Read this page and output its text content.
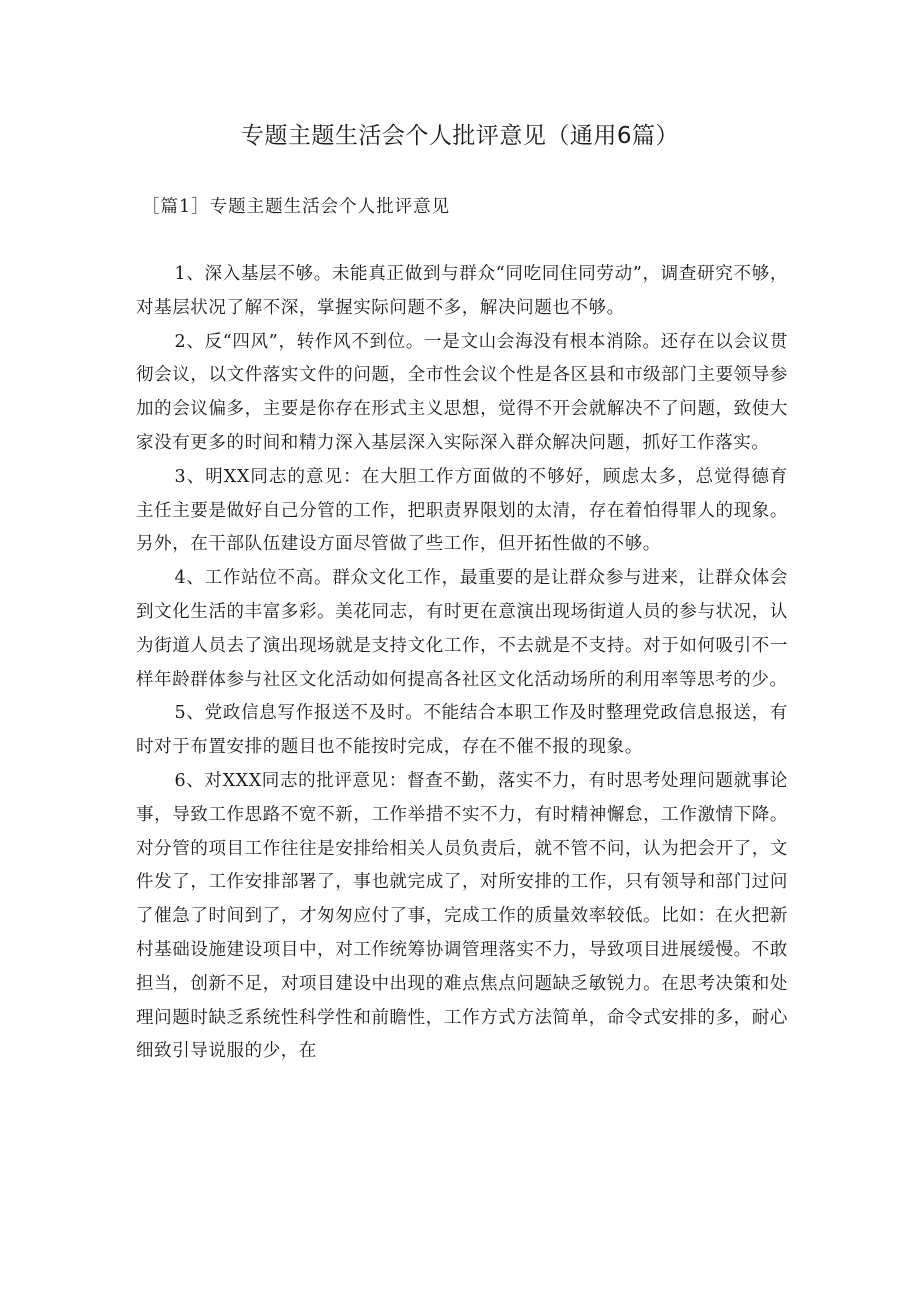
专题主题生活会个人批评意见（通用6篇）
［篇1］专题主题生活会个人批评意见

1、深入基层不够。未能真正做到与群众“同吃同住同劳动”，调查研究不够，对基层状况了解不深，掌握实际问题不多，解决问题也不够。

2、反“四风”，转作风不到位。一是文山会海没有根本消除。还存在以会议贯彻会议，以文件落实文件的问题，全市性会议个性是各区县和市级部门主要领导参加的会议偏多，主要是你存在形式主义思想，觉得不开会就解决不了问题，致使大家没有更多的时间和精力深入基层深入实际深入群众解决问题，抓好工作落实。

3、明XX同志的意见：在大胆工作方面做的不够好，顾虑太多，总觉得德育主任主要是做好自己分管的工作，把职责界限划的太清，存在着怕得罪人的现象。另外，在干部队伍建设方面尽管做了些工作，但开拓性做的不够。

4、工作站位不高。群众文化工作，最重要的是让群众参与进来，让群众体会到文化生活的丰富多彩。美花同志，有时更在意演出现场街道人员的参与状况，认为街道人员去了演出现场就是支持文化工作，不去就是不支持。对于如何吸引不一样年龄群体参与社区文化活动如何提高各社区文化活动场所的利用率等思考的少。

5、党政信息写作报送不及时。不能结合本职工作及时整理党政信息报送，有时对于布置安排的题目也不能按时完成，存在不催不报的现象。

6、对XXX同志的批评意见：督查不勤，落实不力，有时思考处理问题就事论事，导致工作思路不宽不新，工作举措不实不力，有时精神懈怠，工作激情下降。对分管的项目工作往往是安排给相关人员负责后，就不管不问，认为把会开了，文件发了，工作安排部署了，事也就完成了，对所安排的工作，只有领导和部门过问了催急了时间到了，才匆匆应付了事，完成工作的质量效率较低。比如：在火把新村基础设施建设项目中，对工作统筹协调管理落实不力，导致项目进展缓慢。不敢担当，创新不足，对项目建设中出现的难点焦点问题缺乏敏锐力。在思考决策和处理问题时缺乏系统性科学性和前瞻性，工作方式方法简单，命令式安排的多，耐心细致引导说服的少，在
